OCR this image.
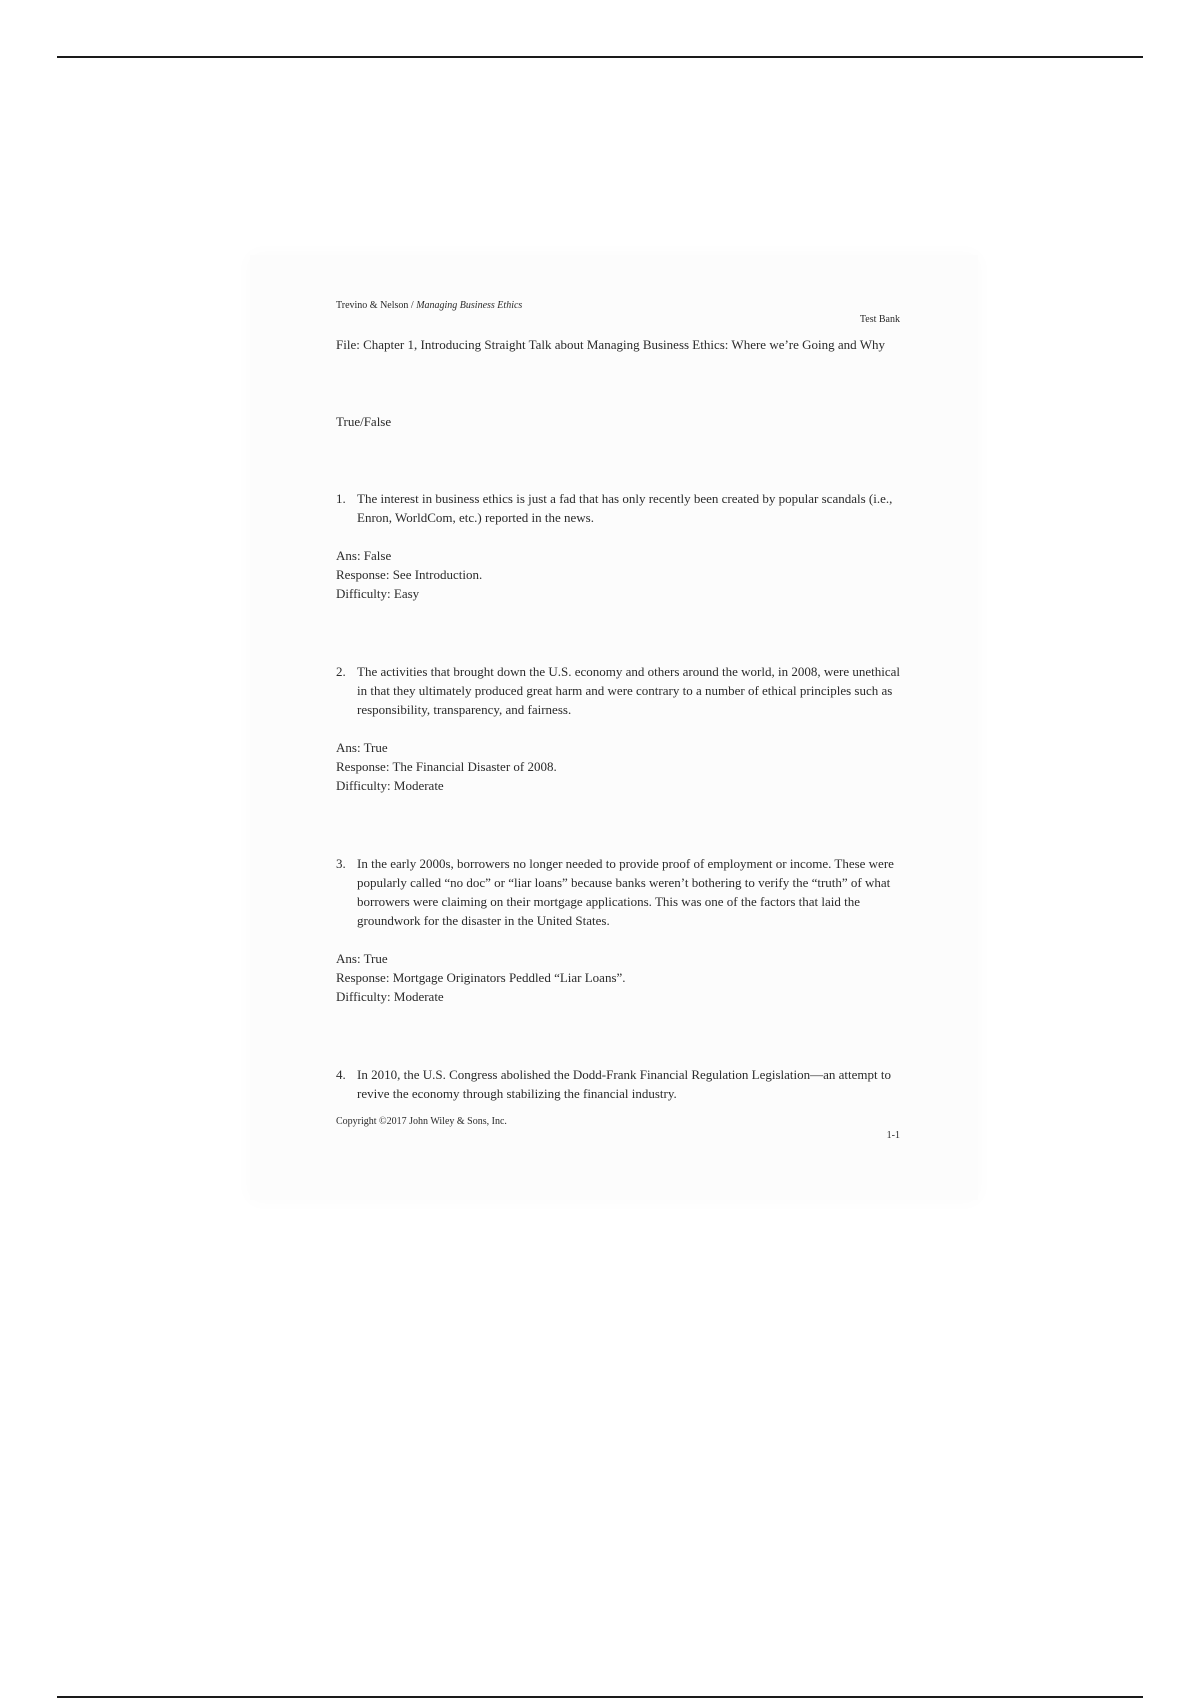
Trevino & Nelson / Managing Business Ethics
Test Bank

File: Chapter 1, Introducing Straight Talk about Managing Business Ethics: Where we’re Going and Why

True/False
1. The interest in business ethics is just a fad that has only recently been created by popular scandals (i.e., Enron, WorldCom, etc.) reported in the news.
Ans: False
Response: See Introduction.
Difficulty: Easy
2. The activities that brought down the U.S. economy and others around the world, in 2008, were unethical in that they ultimately produced great harm and were contrary to a number of ethical principles such as responsibility, transparency, and fairness.
Ans: True
Response: The Financial Disaster of 2008.
Difficulty: Moderate
3. In the early 2000s, borrowers no longer needed to provide proof of employment or income. These were popularly called “no doc” or “liar loans” because banks weren’t bothering to verify the “truth” of what borrowers were claiming on their mortgage applications. This was one of the factors that laid the groundwork for the disaster in the United States.
Ans: True
Response: Mortgage Originators Peddled “Liar Loans”.
Difficulty: Moderate
4. In 2010, the U.S. Congress abolished the Dodd-Frank Financial Regulation Legislation—an attempt to revive the economy through stabilizing the financial industry.
Copyright ©2017 John Wiley & Sons, Inc.
1-1
